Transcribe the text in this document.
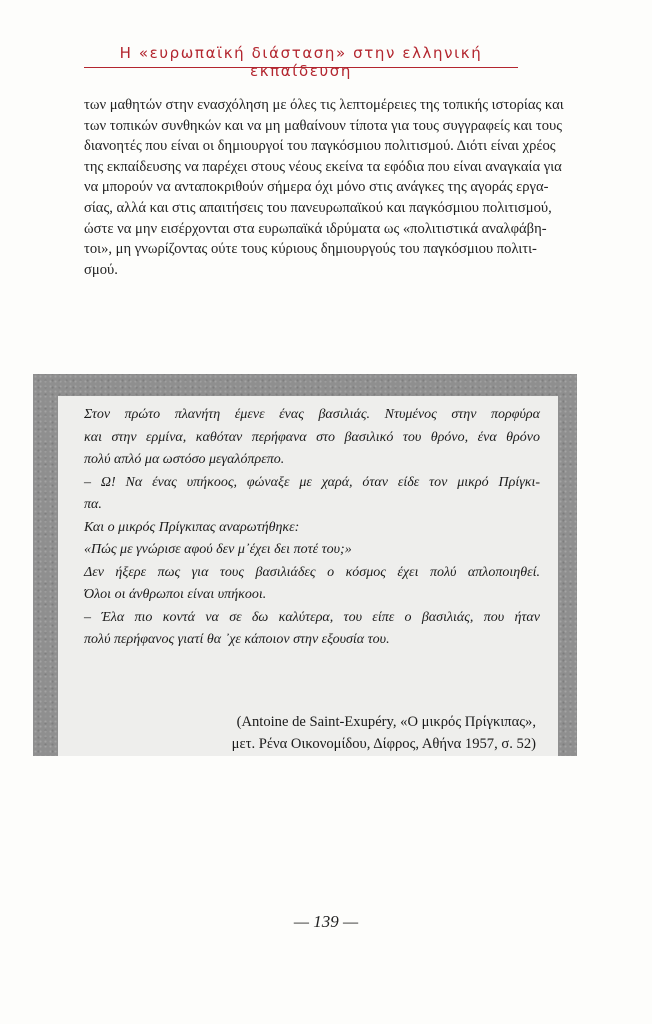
Η «ευρωπαϊκή διάσταση» στην ελληνική εκπαίδευση
των μαθητών στην ενασχόληση με όλες τις λεπτομέρειες της τοπικής ιστορίας και
των τοπικών συνθηκών και να μη μαθαίνουν τίποτα για τους συγγραφείς και τους
διανοητές που είναι οι δημιουργοί του παγκόσμιου πολιτισμού. Διότι είναι χρέος
της εκπαίδευσης να παρέχει στους νέους εκείνα τα εφόδια που είναι αναγκαία για
να μπορούν να ανταποκριθούν σήμερα όχι μόνο στις ανάγκες της αγοράς εργα-
σίας, αλλά και στις απαιτήσεις του πανευρωπαϊκού και παγκόσμιου πολιτισμού,
ώστε να μην εισέρχονται στα ευρωπαϊκά ιδρύματα ως «πολιτιστικά αναλφάβη-
τοι», μη γνωρίζοντας ούτε τους κύριους δημιουργούς του παγκόσμιου πολιτι-
σμού.
Στον πρώτο πλανήτη έμενε ένας βασιλιάς. Ντυμένος στην πορφύρα
και στην ερμίνα, καθόταν περήφανα στο βασιλικό του θρόνο, ένα θρόνο
πολύ απλό μα ωστόσο μεγαλόπρεπο.
– Ω! Να ένας υπήκοος, φώναξε με χαρά, όταν είδε τον μικρό Πρίγκι-
πα.
Και ο μικρός Πρίγκιπας αναρωτήθηκε:
«Πώς με γνώρισε αφού δεν μ᾽έχει δει ποτέ του;»
Δεν ήξερε πως για τους βασιλιάδες ο κόσμος έχει πολύ απλοποιηθεί.
Όλοι οι άνθρωποι είναι υπήκοοι.
– Έλα πιο κοντά να σε δω καλύτερα, του είπε ο βασιλιάς, που ήταν
πολύ περήφανος γιατί θα ᾽χε κάποιον στην εξουσία του.
(Antoine de Saint-Exupéry, «Ο μικρός Πρίγκιπας»,
μετ. Ρένα Οικονομίδου, Δίφρος, Αθήνα 1957, σ. 52)
— 139 —
